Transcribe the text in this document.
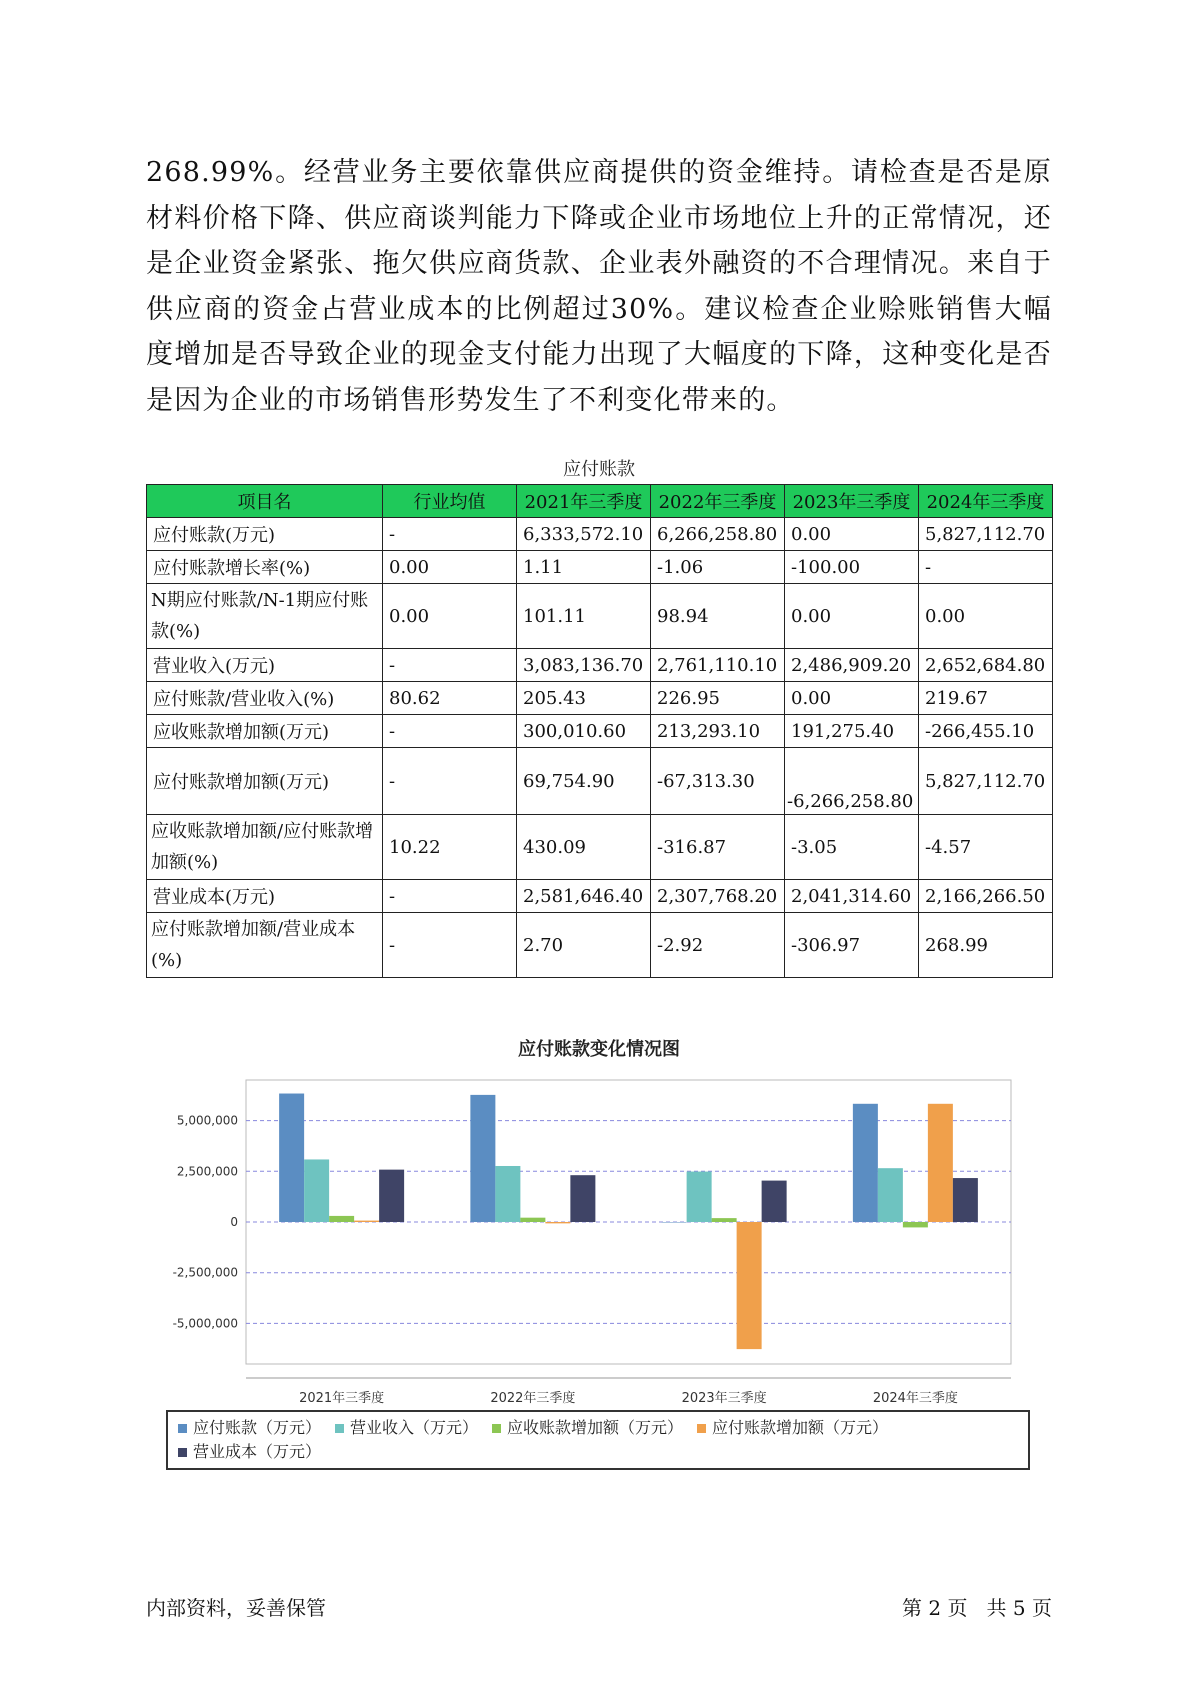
268.99%。经营业务主要依靠供应商提供的资金维持。请检查是否是原材料价格下降、供应商谈判能力下降或企业市场地位上升的正常情况，还是企业资金紧张、拖欠供应商货款、企业表外融资的不合理情况。来自于供应商的资金占营业成本的比例超过30%。建议检查企业赊账销售大幅度增加是否导致企业的现金支付能力出现了大幅度的下降，这种变化是否是因为企业的市场销售形势发生了不利变化带来的。

应付账款
项目名	行业均值	2021年三季度	2022年三季度	2023年三季度	2024年三季度
应付账款(万元)	-	6,333,572.10	6,266,258.80	0.00	5,827,112.70
应付账款增长率(%)	0.00	1.11	-1.06	-100.00	-
N期应付账款/N-1期应付账款(%)	0.00	101.11	98.94	0.00	0.00
营业收入(万元)	-	3,083,136.70	2,761,110.10	2,486,909.20	2,652,684.80
应付账款/营业收入(%)	80.62	205.43	226.95	0.00	219.67
应收账款增加额(万元)	-	300,010.60	213,293.10	191,275.40	-266,455.10
应付账款增加额(万元)	-	69,754.90	-67,313.30	-6,266,258.80	5,827,112.70
应收账款增加额/应付账款增加额(%)	10.22	430.09	-316.87	-3.05	-4.57
营业成本(万元)	-	2,581,646.40	2,307,768.20	2,041,314.60	2,166,266.50
应付账款增加额/营业成本(%)	-	2.70	-2.92	-306.97	268.99
应付账款变化情况图
5,000,000
2,500,000
0
-2,500,000
-5,000,000
2021年三季度	2022年三季度	2023年三季度	2024年三季度
应付账款（万元） 营业收入（万元） 应收账款增加额（万元） 应付账款增加额（万元）营业成本（万元）
内部资料，妥善保管	第 2 页   共 5 页
